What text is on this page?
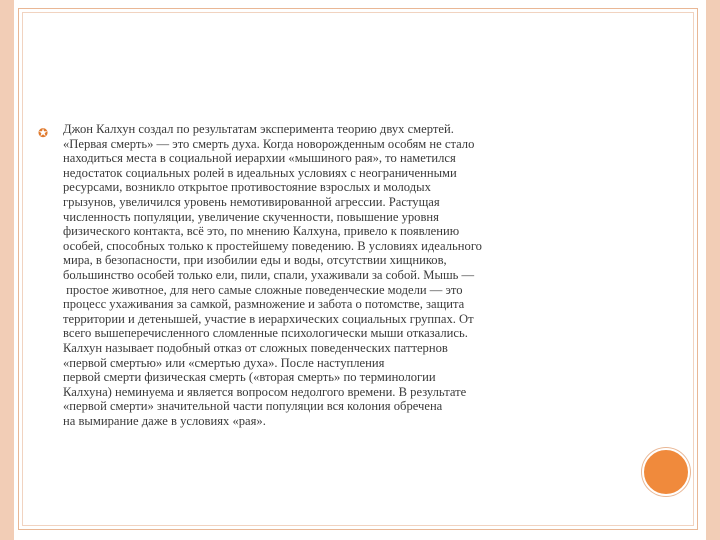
✪ Джон Калхун создал по результатам эксперимента теорию двух смертей.
«Первая смерть» — это смерть духа. Когда новорожденным особям не стало
находиться места в социальной иерархии «мышиного рая», то наметился
недостаток социальных ролей в идеальных условиях с неограниченными
ресурсами, возникло открытое противостояние взрослых и молодых
грызунов, увеличился уровень немотивированной агрессии. Растущая
численность популяции, увеличение скученности, повышение уровня
физического контакта, всё это, по мнению Калхуна, привело к появлению
особей, способных только к простейшему поведению. В условиях идеального
мира, в безопасности, при изобилии еды и воды, отсутствии хищников,
большинство особей только ели, пили, спали, ухаживали за собой. Мышь —
простое животное, для него самые сложные поведенческие модели — это
процесс ухаживания за самкой, размножение и забота о потомстве, защита
территории и детенышей, участие в иерархических социальных группах. От
всего вышеперечисленного сломленные психологически мыши отказались.
Калхун называет подобный отказ от сложных поведенческих паттернов
«первой смертью» или «смертью духа». После наступления
первой смерти физическая смерть («вторая смерть» по терминологии
Калхуна) неминуема и является вопросом недолгого времени. В результате
«первой смерти» значительной части популяции вся колония обречена
на вымирание даже в условиях «рая».
